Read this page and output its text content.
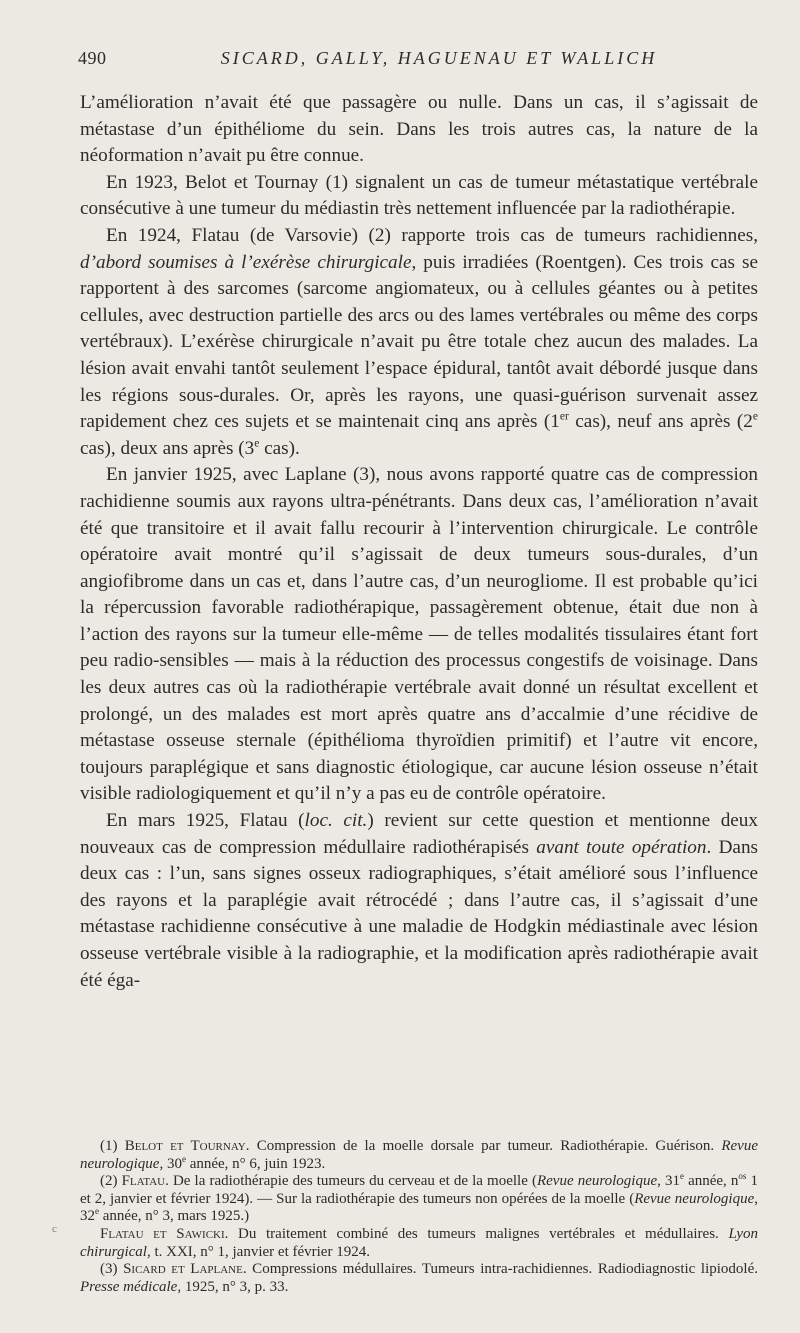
490	SICARD, GALLY, HAGUENAU ET WALLICH

L’amélioration n’avait été que passagère ou nulle. Dans un cas, il s’agissait de métastase d’un épithéliome du sein. Dans les trois autres cas, la nature de la néoformation n’avait pu être connue.

En 1923, Belot et Tournay (1) signalent un cas de tumeur métastatique vertébrale consécutive à une tumeur du médiastin très nettement influencée par la radiothérapie.

En 1924, Flatau (de Varsovie) (2) rapporte trois cas de tumeurs rachidiennes, d’abord soumises à l’exérèse chirurgicale, puis irradiées (Roentgen). Ces trois cas se rapportent à des sarcomes (sarcome angiomateux, ou à cellules géantes ou à petites cellules, avec destruction partielle des arcs ou des lames vertébrales ou même des corps vertébraux). L’exérèse chirurgicale n’avait pu être totale chez aucun des malades. La lésion avait envahi tantôt seulement l’espace épidural, tantôt avait débordé jusque dans les régions sous-durales. Or, après les rayons, une quasi-guérison survenait assez rapidement chez ces sujets et se maintenait cinq ans après (1er cas), neuf ans après (2e cas), deux ans après (3e cas).

En janvier 1925, avec Laplane (3), nous avons rapporté quatre cas de compression rachidienne soumis aux rayons ultra-pénétrants. Dans deux cas, l’amélioration n’avait été que transitoire et il avait fallu recourir à l’intervention chirurgicale. Le contrôle opératoire avait montré qu’il s’agissait de deux tumeurs sous-durales, d’un angiofibrome dans un cas et, dans l’autre cas, d’un neurogliome. Il est probable qu’ici la répercussion favorable radiothérapique, passagèrement obtenue, était due non à l’action des rayons sur la tumeur elle-même — de telles modalités tissulaires étant fort peu radio-sensibles — mais à la réduction des processus congestifs de voisinage. Dans les deux autres cas où la radiothérapie vertébrale avait donné un résultat excellent et prolongé, un des malades est mort après quatre ans d’accalmie d’une récidive de métastase osseuse sternale (épithélioma thyroïdien primitif) et l’autre vit encore, toujours paraplégique et sans diagnostic étiologique, car aucune lésion osseuse n’était visible radiologiquement et qu’il n’y a pas eu de contrôle opératoire.

En mars 1925, Flatau (loc. cit.) revient sur cette question et mentionne deux nouveaux cas de compression médullaire radiothérapisés avant toute opération. Dans deux cas : l’un, sans signes osseux radiographiques, s’était amélioré sous l’influence des rayons et la paraplégie avait rétrocédé ; dans l’autre cas, il s’agissait d’une métastase rachidienne consécutive à une maladie de Hodgkin médiastinale avec lésion osseuse vertébrale visible à la radiographie, et la modification après radiothérapie avait été éga-

c

(1) Belot et Tournay. Compression de la moelle dorsale par tumeur. Radiothérapie. Guérison. Revue neurologique, 30e année, n° 6, juin 1923.

(2) Flatau. De la radiothérapie des tumeurs du cerveau et de la moelle (Revue neurologique, 31e année, $n^{os}$ 1 et 2, janvier et février 1924). — Sur la radiothérapie des tumeurs non opérées de la moelle (Revue neurologique, 32e année, n° 3, mars 1925.)

Flatau et Sawicki. Du traitement combiné des tumeurs malignes vertébrales et médullaires. Lyon chirurgical, t. XXI, n° 1, janvier et février 1924.

(3) Sicard et Laplane. Compressions médullaires. Tumeurs intra-rachidiennes. Radiodiagnostic lipiodolé. Presse médicale, 1925, n° 3, p. 33.
